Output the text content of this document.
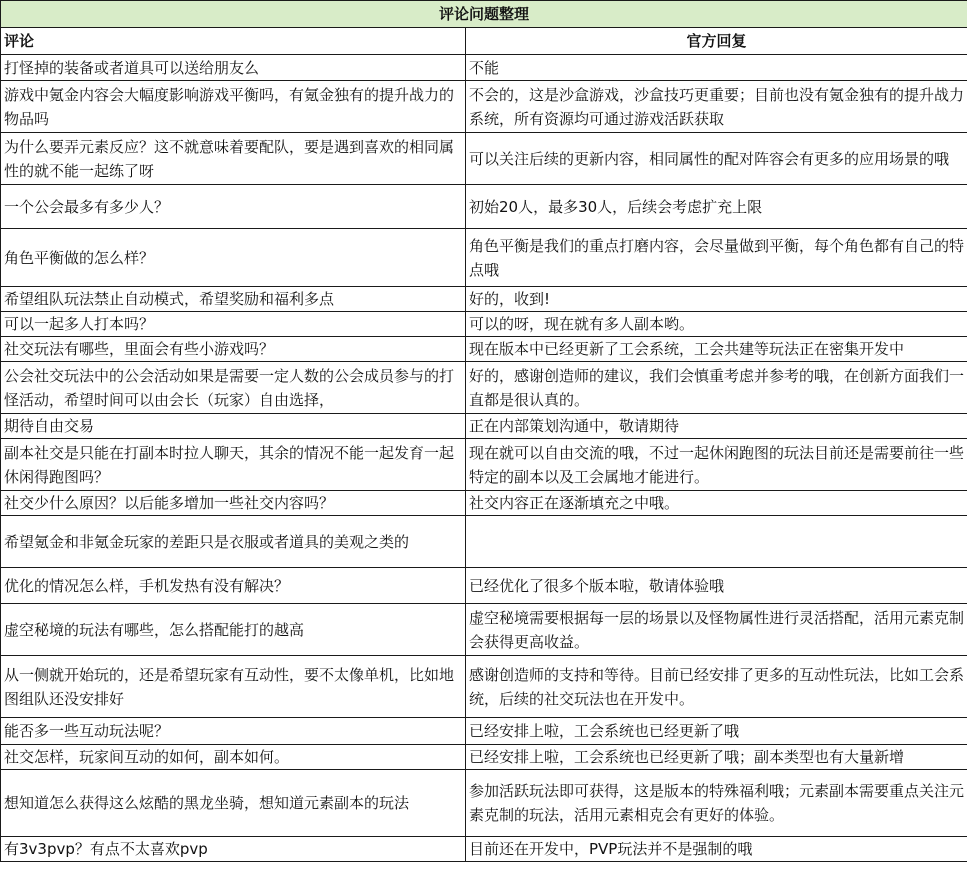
评论问题整理	
评论	官方回复
打怪掉的装备或者道具可以送给朋友么	不能
游戏中氪金内容会大幅度影响游戏平衡吗，有氪金独有的提升战力的物品吗	不会的，这是沙盒游戏，沙盒技巧更重要；目前也没有氪金独有的提升战力系统，所有资源均可通过游戏活跃获取
为什么要弄元素反应？这不就意味着要配队，要是遇到喜欢的相同属性的就不能一起练了呀	可以关注后续的更新内容，相同属性的配对阵容会有更多的应用场景的哦
一个公会最多有多少人？	初始20人，最多30人，后续会考虑扩充上限
角色平衡做的怎么样？	角色平衡是我们的重点打磨内容，会尽量做到平衡，每个角色都有自己的特点哦
希望组队玩法禁止自动模式，希望奖励和福利多点	好的，收到!
可以一起多人打本吗？	可以的呀，现在就有多人副本哟。
社交玩法有哪些，里面会有些小游戏吗？	现在版本中已经更新了工会系统，工会共建等玩法正在密集开发中
公会社交玩法中的公会活动如果是需要一定人数的公会成员参与的打怪活动，希望时间可以由会长（玩家）自由选择，	好的，感谢创造师的建议，我们会慎重考虑并参考的哦，在创新方面我们一直都是很认真的。
期待自由交易	正在内部策划沟通中，敬请期待
副本社交是只能在打副本时拉人聊天，其余的情况不能一起发育一起休闲得跑图吗？	现在就可以自由交流的哦，不过一起休闲跑图的玩法目前还是需要前往一些特定的副本以及工会属地才能进行。
社交少什么原因？以后能多增加一些社交内容吗？	社交内容正在逐渐填充之中哦。
希望氪金和非氪金玩家的差距只是衣服或者道具的美观之类的	
优化的情况怎么样，手机发热有没有解决？	已经优化了很多个版本啦，敬请体验哦
虚空秘境的玩法有哪些，怎么搭配能打的越高	虚空秘境需要根据每一层的场景以及怪物属性进行灵活搭配，活用元素克制会获得更高收益。
从一侧就开始玩的，还是希望玩家有互动性，要不太像单机，比如地图组队还没安排好	感谢创造师的支持和等待。目前已经安排了更多的互动性玩法，比如工会系统，后续的社交玩法也在开发中。
能否多一些互动玩法呢？	已经安排上啦，工会系统也已经更新了哦
社交怎样，玩家间互动的如何，副本如何。	已经安排上啦，工会系统也已经更新了哦；副本类型也有大量新增
想知道怎么获得这么炫酷的黑龙坐骑，想知道元素副本的玩法	参加活跃玩法即可获得，这是版本的特殊福利哦；元素副本需要重点关注元素克制的玩法，活用元素相克会有更好的体验。
有3v3pvp？有点不太喜欢pvp	目前还在开发中，PVP玩法并不是强制的哦
